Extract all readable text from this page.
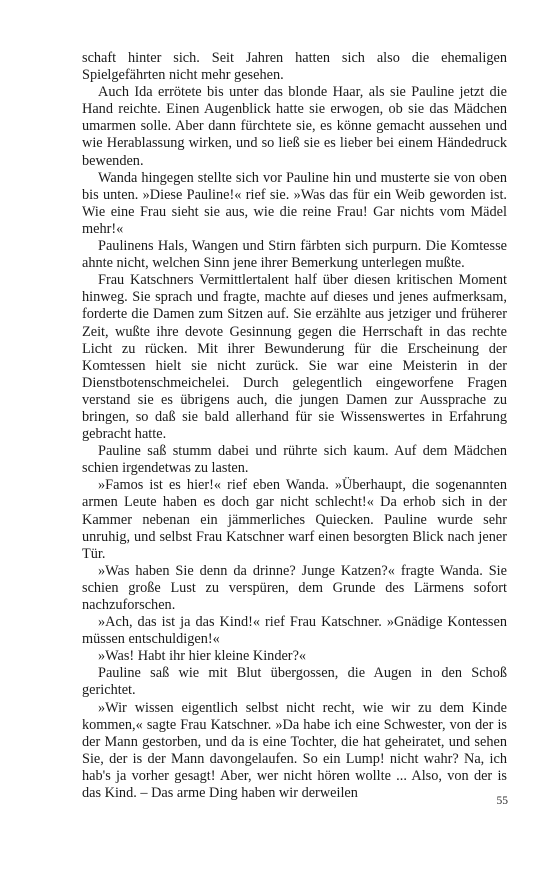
schaft hinter sich. Seit Jahren hatten sich also die ehemaligen Spielgefährten nicht mehr gesehen.

Auch Ida errötete bis unter das blonde Haar, als sie Pauline jetzt die Hand reichte. Einen Augenblick hatte sie erwogen, ob sie das Mädchen umarmen solle. Aber dann fürchtete sie, es könne gemacht aussehen und wie Herablassung wirken, und so ließ sie es lieber bei einem Händedruck bewenden.

Wanda hingegen stellte sich vor Pauline hin und musterte sie von oben bis unten. »Diese Pauline!« rief sie. »Was das für ein Weib geworden ist. Wie eine Frau sieht sie aus, wie die reine Frau! Gar nichts vom Mädel mehr!«

Paulinens Hals, Wangen und Stirn färbten sich purpurn. Die Komtesse ahnte nicht, welchen Sinn jene ihrer Bemerkung unterlegen mußte.

Frau Katschners Vermittlertalent half über diesen kritischen Moment hinweg. Sie sprach und fragte, machte auf dieses und jenes aufmerksam, forderte die Damen zum Sitzen auf. Sie erzählte aus jetziger und früherer Zeit, wußte ihre devote Gesinnung gegen die Herrschaft in das rechte Licht zu rücken. Mit ihrer Bewunderung für die Erscheinung der Komtessen hielt sie nicht zurück. Sie war eine Meisterin in der Dienstbotenschmeichelei. Durch gelegentlich eingeworfene Fragen verstand sie es übrigens auch, die jungen Damen zur Aussprache zu bringen, so daß sie bald allerhand für sie Wissenswertes in Erfahrung gebracht hatte.

Pauline saß stumm dabei und rührte sich kaum. Auf dem Mädchen schien irgendetwas zu lasten.

»Famos ist es hier!« rief eben Wanda. »Überhaupt, die sogenannten armen Leute haben es doch gar nicht schlecht!« Da erhob sich in der Kammer nebenan ein jämmerliches Quiecken. Pauline wurde sehr unruhig, und selbst Frau Katschner warf einen besorgten Blick nach jener Tür.

»Was haben Sie denn da drinne? Junge Katzen?« fragte Wanda. Sie schien große Lust zu verspüren, dem Grunde des Lärmens sofort nachzuforschen.

»Ach, das ist ja das Kind!« rief Frau Katschner. »Gnädige Kontessen müssen entschuldigen!«

»Was! Habt ihr hier kleine Kinder?«

Pauline saß wie mit Blut übergossen, die Augen in den Schoß gerichtet.

»Wir wissen eigentlich selbst nicht recht, wie wir zu dem Kinde kommen,« sagte Frau Katschner. »Da habe ich eine Schwester, von der is der Mann gestorben, und da is eine Tochter, die hat geheiratet, und sehen Sie, der is der Mann davongelaufen. So ein Lump! nicht wahr? Na, ich hab's ja vorher gesagt! Aber, wer nicht hören wollte ... Also, von der is das Kind. – Das arme Ding haben wir derweilen	55
